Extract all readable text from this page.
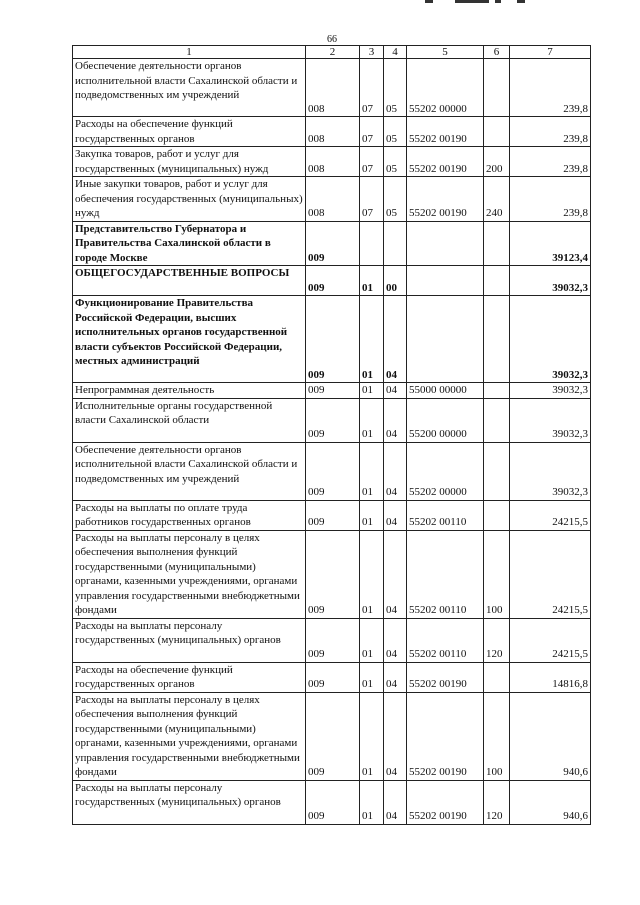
66
1	2	3	4	5	6	7
Обеспечение деятельности органов исполнительной власти Сахалинской области и подведомственных им учреждений	008	07	05	55202 00000		239,8
Расходы на обеспечение функций государственных органов	008	07	05	55202 00190		239,8
Закупка товаров, работ и услуг для государственных (муниципальных) нужд	008	07	05	55202 00190	200	239,8
Иные закупки товаров, работ и услуг для обеспечения государственных (муниципальных) нужд	008	07	05	55202 00190	240	239,8
Представительство Губернатора и Правительства Сахалинской области в городе Москве	009					39123,4
ОБЩЕГОСУДАРСТВЕННЫЕ ВОПРОСЫ	009	01	00			39032,3
Функционирование Правительства Российской Федерации, высших исполнительных органов государственной власти субъектов Российской Федерации, местных администраций	009	01	04			39032,3
Непрограммная деятельность	009	01	04	55000 00000		39032,3
Исполнительные органы государственной власти Сахалинской области	009	01	04	55200 00000		39032,3
Обеспечение деятельности органов исполнительной власти Сахалинской области и подведомственных им учреждений	009	01	04	55202 00000		39032,3
Расходы на выплаты по оплате труда работников государственных органов	009	01	04	55202 00110		24215,5
Расходы на выплаты персоналу в целях обеспечения выполнения функций государственными (муниципальными) органами, казенными учреждениями, органами управления государственными внебюджетными фондами	009	01	04	55202 00110	100	24215,5
Расходы на выплаты персоналу государственных (муниципальных) органов	009	01	04	55202 00110	120	24215,5
Расходы на обеспечение функций государственных органов	009	01	04	55202 00190		14816,8
Расходы на выплаты персоналу в целях обеспечения выполнения функций государственными (муниципальными) органами, казенными учреждениями, органами управления государственными внебюджетными фондами	009	01	04	55202 00190	100	940,6
Расходы на выплаты персоналу государственных (муниципальных) органов	009	01	04	55202 00190	120	940,6
